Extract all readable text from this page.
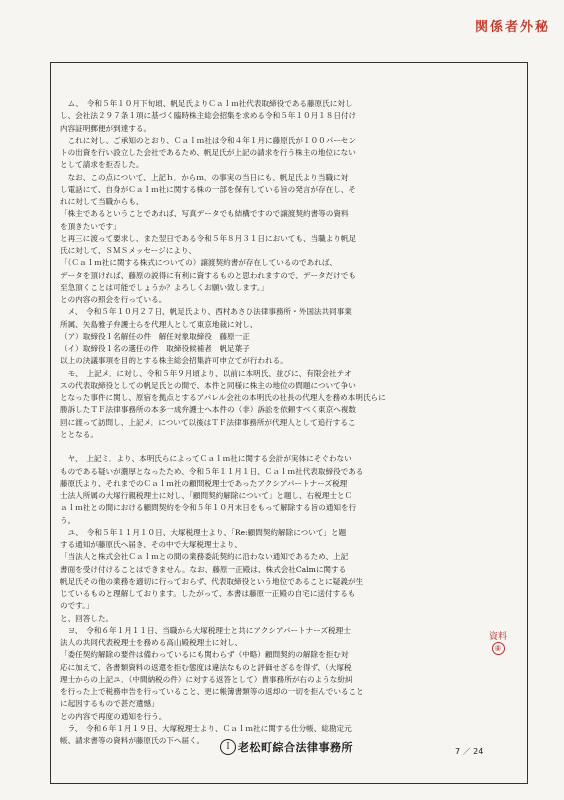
関係者外秘
　ム、　令和５年１０月下旬頃、帆足氏よりＣａｌｍ社代表取締役である藤原氏に対し
し、会社法２９７条１項に基づく臨時株主総会招集を求める令和５年１０月１８日付け
内容証明郵便が到達する。
　これに対し、ご承知のとおり、Ｃａｌｍ社は令和４年１月に藤原氏が１００パーセン
トの出資を行い設立した会社であるため、帆足氏が上記の請求を行う株主の地位にない
として請求を拒否した。
　なお、この点について、上記ｈ．からｍ．の事実の当日にも、帆足氏より当職に対
し電話にて、自身がＣａｌｍ社に関する株の一部を保有している旨の発言が存在し、そ
れに対して当職からも、
「株主であるということであれば、写真データでも結構ですので譲渡契約書等の資料
を頂きたいです」
と再三に渡って要求し、また翌日である令和５年８月３１日においても、当職より帆足
氏に対して、ＳＭＳメッセージにより、
「（Ｃａｌｍ社に関する株式についての）譲渡契約書が存在しているのであれば、
データを頂ければ、藤原の説得に有利に資するものと思われますので、データだけでも
至急頂くことは可能でしょうか？よろしくお願い致します。」
との内容の照会を行っている。
　メ、　令和５年１０月２７日、帆足氏より、西村あさひ法律事務所・外国法共同事業
所属、矢島雅子弁護士らを代理人として東京地裁に対し、
（ア）取締役１名解任の件　解任対象取締役　藤原一正
（イ）取締役１名の選任の件　取締役候補者　帆足葉子
以上の決議事項を目的とする株主総会招集許可申立てが行われる。
　モ、　上記メ．に対し、令和５年９月頃より、以前に本明氏、並びに、有限会社テオ
スの代表取締役としての帆足氏との間で、本件と同様に株主の地位の問題について争い
となった事件に関し、原宿を拠点とするアパレル会社の本明氏の社長の代理人を務め本明氏らに
勝訴したＴＦ法律事務所の本多一成弁護士へ本件の（非）訴訟を依頼すべく東京へ複数
回に渡って訪問し、上記メ．について以後はＴＦ法律事務所が代理人として追行するこ
ととなる。
　ヤ、　上記ミ．より、本明氏らによってＣａｌｍ社に関する会計が実体にそぐわない
ものである疑いが濃厚となったため、令和５年１１月１日、Ｃａｌｍ社代表取締役である
藤原氏より、それまでのＣａｌｍ社の顧問税理士であったアクシアパートナーズ税理
士法人所属の大塚行親税理士に対し、「顧問契約解除について」と題し、右税理士とＣ
ａｌｍ社との間における顧問契約を令和５年１０月末日をもって解除する旨の通知を行
う。
　ユ、　令和５年１１月１０日、大塚税理士より、「Re:顧問契約解除について」と題
する通知が藤原氏へ届き、その中で大塚税理士より、
「当法人と株式会社Ｃａｌｍとの間の業務委託契約に沿わない通知であるため、上記
書面を受け付けることはできません。なお、藤原一正殿は、株式会社Calmに関する
帆足氏その他の業務を適切に行っておらず、代表取締役という地位であることに疑義が生
じているものと理解しております。したがって、本書は藤原一正殿の自宅に送付するも
のです。」
と、回答した。
　ヨ、　令和６年１月１１日、当職から大塚税理士と共にアクシアパートナーズ税理士
法人の共同代表税理士を務める高山殿税理士に対し、
「委任契約解除の要件は備わっているにも関わらず（中略）顧問契約の解除を拒む対
応に加えて、各書類資料の返還を拒む態度は違法なものと評価せざるを得ず、（大塚税
理士からの上記ユ．（中間納税の件）に対する返答として）貴事務所が右のような紛糾
を行った上で税務申告を行っていること、更に帳簿書類等の返却の一切を拒んでいること
に起因するもので甚だ遺憾」
との内容で再度の通知を行う。
　ラ、　令和６年１月１９日、大塚税理士より、Ｃａｌｍ社に関する仕分帳、総勘定元
帳、請求書等の資料が藤原氏の下へ届く。
資料
⑧
Ｉ 老松町綜合法律事務所	7 ／ 24
